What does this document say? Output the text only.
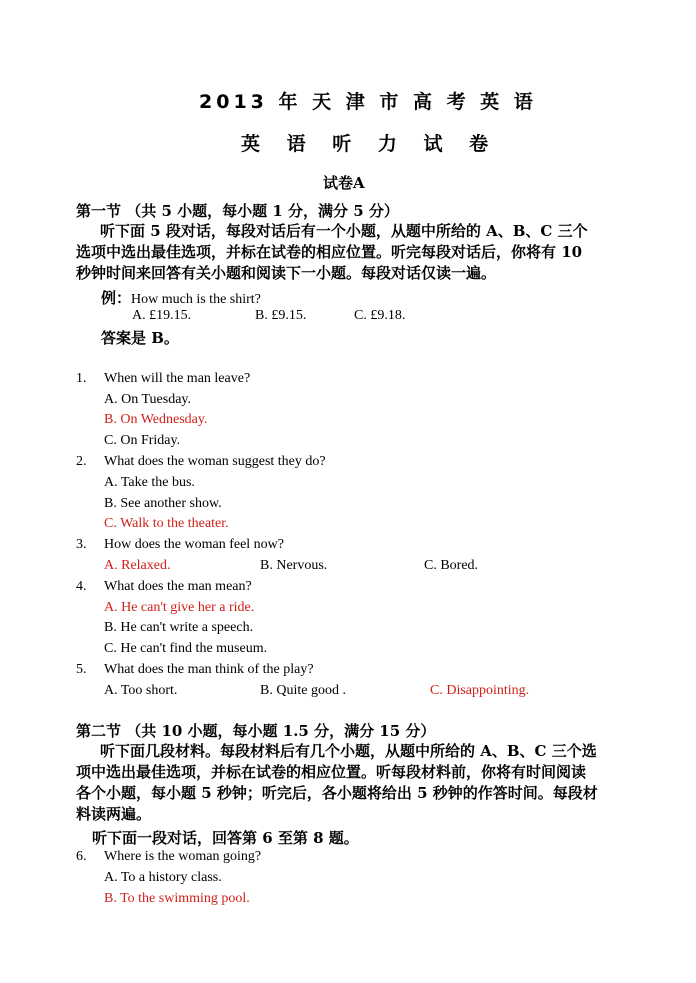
2013 年 天 津 市 高 考 英 语
英 语 听 力 试 卷
试卷A
第一节 （共 5 小题，每小题 1 分，满分 5 分）
听下面 5 段对话，每段对话后有一个小题，从题中所给的 A、B、C 三个
选项中选出最佳选项，并标在试卷的相应位置。听完每段对话后，你将有 10
秒钟时间来回答有关小题和阅读下一小题。每段对话仅读一遍。
例：How much is the shirt?
A. £19.15.	B. £9.15.	C. £9.18.
答案是 B。
1. When will the man leave?
A. On Tuesday.
B. On Wednesday.
C. On Friday.
2. What does the woman suggest they do?
A. Take the bus.
B. See another show.
C. Walk to the theater.
3. How does the woman feel now?
A. Relaxed.	B. Nervous.	C. Bored.
4. What does the man mean?
A. He can't give her a ride.
B. He can't write a speech.
C. He can't find the museum.
5. What does the man think of the play?
A. Too short.	B. Quite good .	C. Disappointing.
第二节 （共 10 小题，每小题 1.5 分，满分 15 分）
听下面几段材料。每段材料后有几个小题，从题中所给的 A、B、C 三个选
项中选出最佳选项，并标在试卷的相应位置。听每段材料前，你将有时间阅读
各个小题，每小题 5 秒钟；听完后，各小题将给出 5 秒钟的作答时间。每段材
料读两遍。
听下面一段对话，回答第 6 至第 8 题。
6. Where is the woman going?
A. To a history class.
B. To the swimming pool.
